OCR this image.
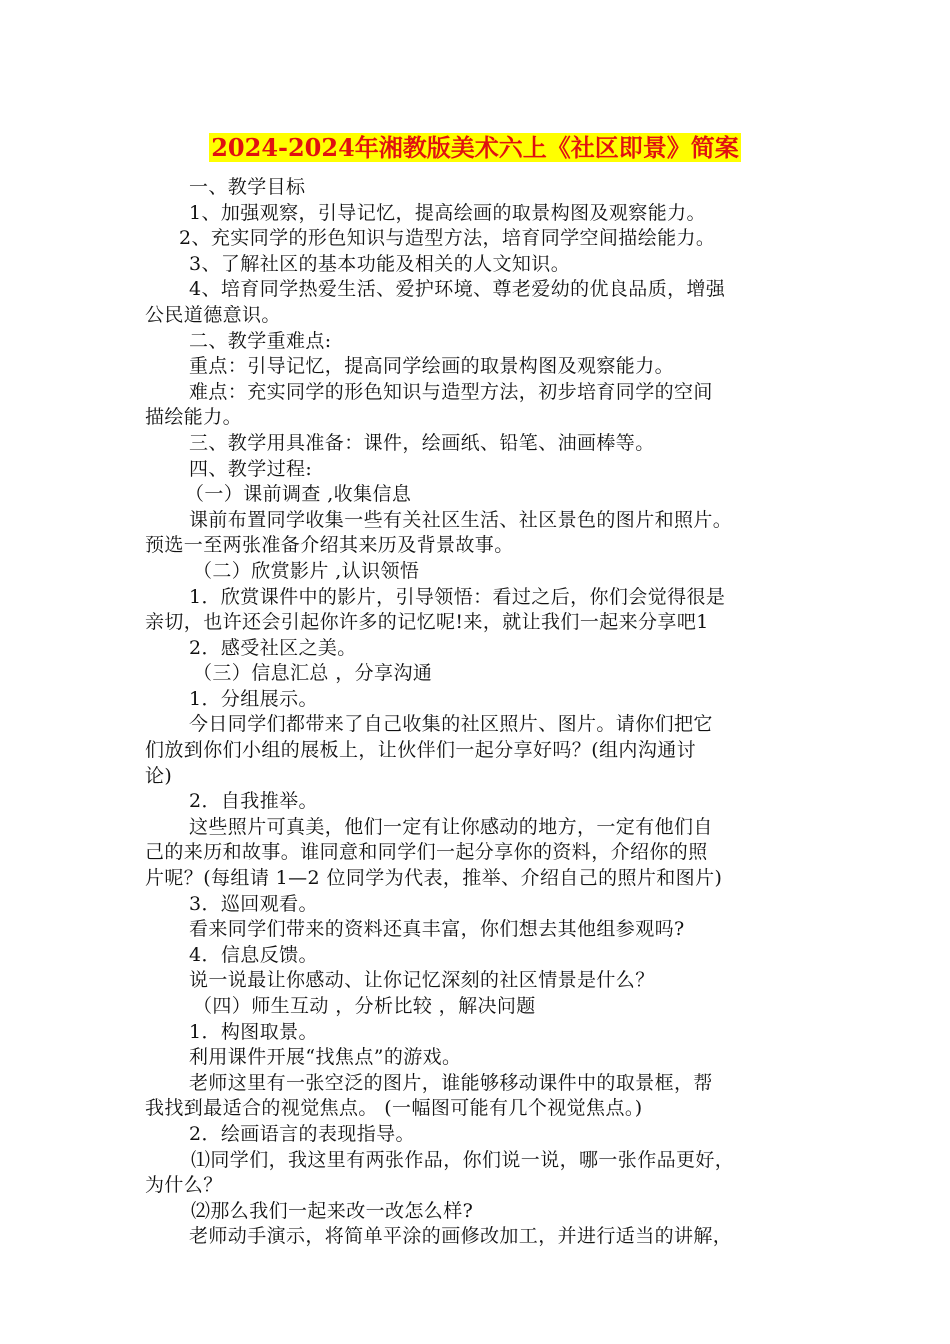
2024-2024年湘教版美术六上《社区即景》简案
一、教学目标
1、加强观察，引导记忆，提高绘画的取景构图及观察能力。
2、充实同学的形色知识与造型方法，培育同学空间描绘能力。
3、了解社区的基本功能及相关的人文知识。
4、培育同学热爱生活、爱护环境、尊老爱幼的优良品质，增强
公民道德意识。
二、教学重难点:
重点：引导记忆，提高同学绘画的取景构图及观察能力。
难点：充实同学的形色知识与造型方法，初步培育同学的空间
描绘能力。
三、教学用具准备：课件，绘画纸、铅笔、油画棒等。
四、教学过程:
（一）课前调查 ,收集信息
课前布置同学收集一些有关社区生活、社区景色的图片和照片。
预选一至两张准备介绍其来历及背景故事。
（二）欣赏影片 ,认识领悟
1．欣赏课件中的影片，引导领悟：看过之后，你们会觉得很是
亲切，也许还会引起你许多的记忆呢!来，就让我们一起来分享吧1
2．感受社区之美。
（三）信息汇总 ，分享沟通
1．分组展示。
今日同学们都带来了自己收集的社区照片、图片。请你们把它
们放到你们小组的展板上，让伙伴们一起分享好吗？(组内沟通讨
论)
2．自我推举。
这些照片可真美，他们一定有让你感动的地方，一定有他们自
己的来历和故事。谁同意和同学们一起分享你的资料，介绍你的照
片呢？(每组请 1—2 位同学为代表，推举、介绍自己的照片和图片)
3．巡回观看。
看来同学们带来的资料还真丰富，你们想去其他组参观吗?
4．信息反馈。
说一说最让你感动、让你记忆深刻的社区情景是什么？
（四）师生互动 ，分析比较 ，解决问题
1．构图取景。
利用课件开展“找焦点”的游戏。
老师这里有一张空泛的图片，谁能够移动课件中的取景框，帮
我找到最适合的视觉焦点。 (一幅图可能有几个视觉焦点。)
2．绘画语言的表现指导。
⑴同学们，我这里有两张作品，你们说一说，哪一张作品更好，
为什么？
⑵那么我们一起来改一改怎么样?
老师动手演示，将简单平涂的画修改加工，并进行适当的讲解，
